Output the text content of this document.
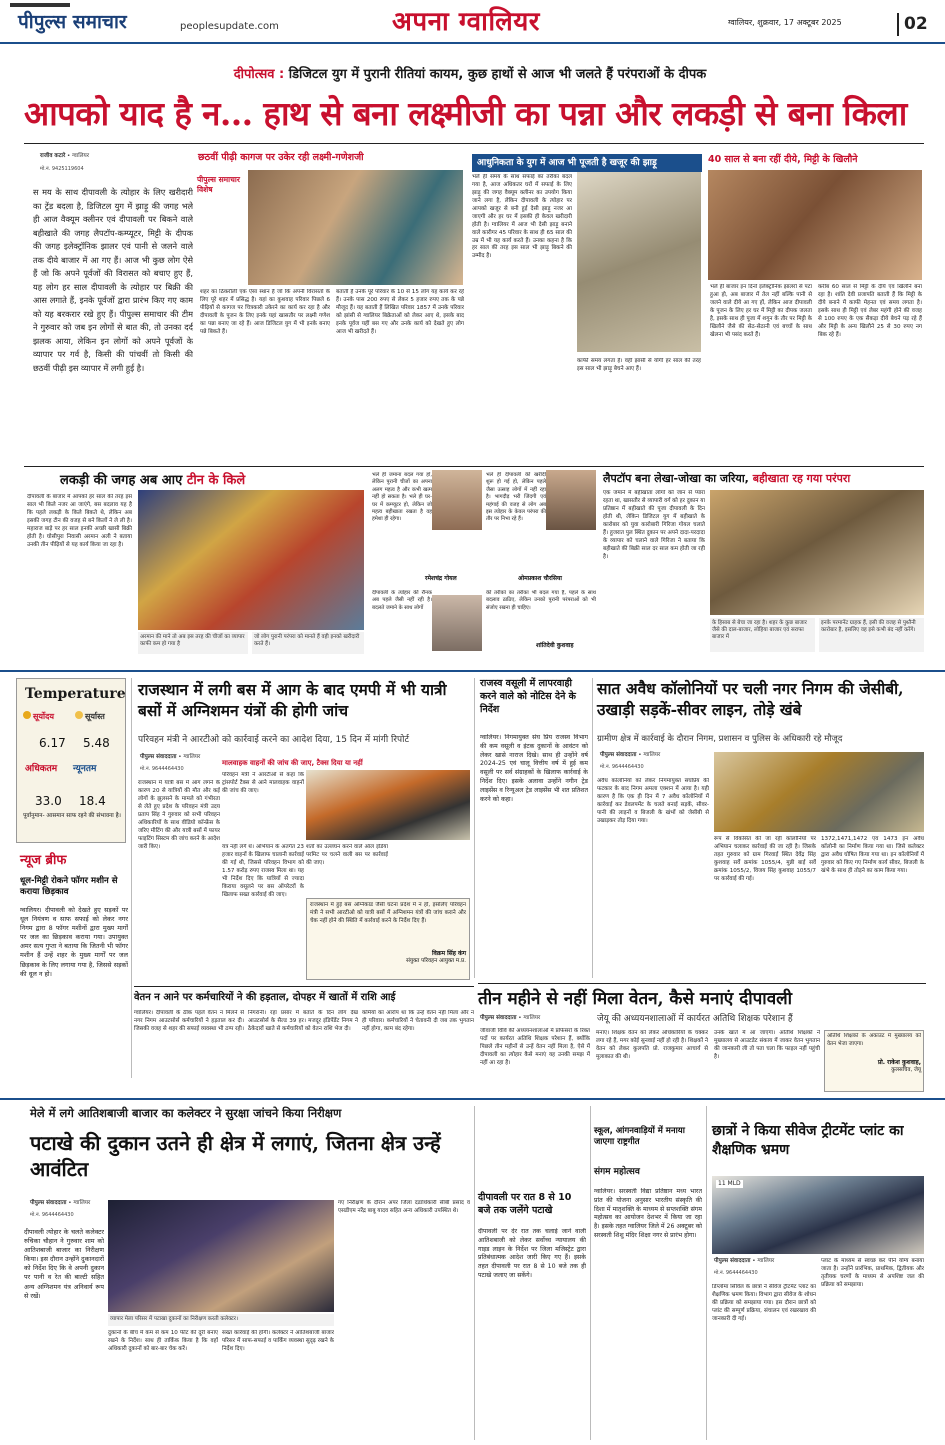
पीपुल्स समाचार	peoplesupdate.com	अपना ग्वालियर	ग्वालियर, शुक्रवार, 17 अक्टूबर 2025	02
दीपोत्सव : डिजिटल युग में पुरानी रीतियां कायम, कुछ हाथों से आज भी जलते हैं परंपराओं के दीपक
आपको याद है न... हाथ से बना लक्ष्मीजी का पन्ना और लकड़ी से बना किला
राजीव कटारे • ग्वालियर
मो.नं. 9425119604
स मय के साथ दीपावली के त्योहार के लिए खरीदारी का ट्रेंड बदला है, डिजिटल युग में झाड़ू की जगह भले ही आज वैक्यूम क्लीनर एवं दीपावली पर बिकने वाले बहीखाते की जगह लैपटॉप-कम्प्यूटर, मिट्टी के दीपक की जगह इलेक्ट्रॉनिक झालर एवं पानी से जलने वाले तक दीये बाजार में आ गए हैं। आज भी कुछ लोग ऐसे हैं जो कि अपने पूर्वजों की विरासत को बचाए हुए हैं, यह लोग हर साल दीपावली के त्योहार पर बिक्री की आस लगाते हैं, इनके पूर्वजों द्वारा प्रारंभ किए गए काम को यह बरकरार रखे हुए हैं। पीपुल्स समाचार की टीम ने गुरुवार को जब इन लोगों से बात की, तो उनका दर्द झलक आया, लेकिन इन लोगों को अपने पूर्वजों के व्यापार पर गर्व है, किसी की पांचवीं तो किसी की छठवीं पीढ़ी इस व्यापार में लगी हुई है।
छठवीं पीढ़ी कागज पर उकेर रही लक्ष्मी-गणेशजी
पीपुल्स समाचार विशेष
शहर का ठिकरौली एक ऐसा स्थान है जो कि अपनी विरासतों के लिए पूरे शहर में प्रसिद्ध है। यहां का कुशवाह परिवार पिछले 6 पीढ़ियों से कागज पर चित्रकारी उकेरने का कार्य कर रहा है और दीपावली के पूजन के लिए इनके यहां खासतौर पर लक्ष्मी गणेश का पन्ना बनाए जा रहे हैं। आज डिजिटल युग में भी इनके बनाए पन्ने बिकते हैं।
बताती हैं उनके पूरे परिवार के 10 से 15 लोग यह कार्य कर रहे हैं। उनके पास 200 रुपए से लेकर 5 हजार रुपए तक के पन्ने मौजूद हैं। यह बताती हैं लिखित परिवार 1857 में उनके परिवार को झांसी से ग्वालियर बिक्रेताओं को लेकर आए थे, इसके बाद इनके पूर्वज यहीं बस गए और उनके कार्य को देखते हुए लोग आज भी खरीदते हैं।
आधुनिकता के युग में आज भी पूजती है खजूर की झाड़ू
भले ही समय के साथ सफाई का तरीका बदल गया है, आज अधिकतर घरों में सफाई के लिए झाड़ू की जगह वैक्यूम क्लीनर का उपयोग किया जाने लगा है, लेकिन दीपावली के त्योहार पर आपको खजूर से बनी हुई देसी झाड़ू नजर आ जाएगी और हर घर में इसकी ही केवल खरीदारी होती है। ग्वालियर में आज भी देसी झाड़ू बनाने वाले कारीगर 45 परिवार के साथ ही 65 साल की उम्र में भी यह कार्य करते हैं। उनका कहना है कि हर साल की तरह इस साल भी झाड़ू बिकने की उम्मीद है।
काफी समय लगता है। वहीं झांसी से योगी हर साल की तरह इस साल भी झाड़ू बेचने आए हैं।
40 साल से बना रहीं दीये, मिट्टी के खिलौने
भले ही बाजार इन दिनों इलेक्ट्रॉनिक झालरों से पटा हुआ हो, अब बाजार में तेल नहीं बल्कि पानी से जलने वाले दीये आ गए हों, लेकिन आज दीपावली के पूजन के लिए हर घर में मिट्टी का दीपक जलता है, इसके साथ ही पूजा में शगुन के तौर पर मिट्टी के खिलौने जैसे की सेठ-सेठानी एवं बच्चों के साथ खेलना भी पसंद करते हैं।
करीब 60 साल से मिट्टी के दीये एवं खिलौने बना रहा है। शांति देवी प्रजापति बताती हैं कि मिट्टी के दीये बनाने में काफी मेहनत एवं समय लगता है। इसके साथ ही मिट्टी एवं लेबर महंगी होने की वजह से 100 रुपए के एक सैकड़ा दीये बेचने पड़ रहे हैं और मिट्टी के अन्य खिलौने 25 से 30 रुपए नग बिक रहे हैं।
लकड़ी की जगह अब आए टीन के किले
दीपावली के बाजार में आपको हर साल की तरह इस साल भी किले नजर आ जाएंगे, बस बदलाव यह है कि पहले लकड़ी के किले बिकते थे, लेकिन अब इसकी जगह टीन की वजह से बने किलों ने ले ली है। महाराज बाड़े पर हर साल इनकी अच्छी खासी बिक्री होती है। घोसीपुरा निवासी अरमान अली ने बताया उनकी तीन पीढ़ियों से यह कार्य किया जा रहा है।
अरमान की माने तो अब इस तरह की चीजों का व्यापार काफी कम हो गया है
जो लोग पुरानी परंपरा को मानते हैं वही इनको खरीदारी करते हैं।
भले ही जमाना बदल गया हो, लेकिन पुरानी चीजों का अपना अलग महत्व है और कभी खत्म नहीं हो सकता है। भले ही घर-घर में कम्प्यूटर हो, लेकिन जो महत्व बहीखाता रखता है वह हमेशा ही रहेगा।
रमेशचंद्र गोयल
दीपावली के त्योहार की रौनक अब पहले जैसी नहीं रही है। बदलते जमाने के साथ लोगों
भले ही दीपावली की खरीदी शुरू हो गई हो, लेकिन पहले जैसा उत्साह लोगों में नहीं रहा है। भागदौड़ भरी जिंदगी एवं महंगाई की वजह से लोग अब इस त्योहार के केवल परंपरा की तौर पर निभा रहे हैं।
ओमप्रकाश चौरसिया
की तरीकों का तरीका भी बदल गया है, पहले के साथ बदलाव ठाठिए, लेकिन उनको पुरानी परंपराओं को भी संजोए रखना ही चाहिए।
शांतिदेवी कुशवाह
लैपटॉप बना लेखा-जोखा का जरिया, बहीखाता रह गया परंपरा
एक जमाने में बहीखाता लोगों को जान से प्यारा रहता था, खासतौर से व्यापारी वर्ग को हर दुकान या प्रतिष्ठान में बहीखाते की पूजा दीपावली के दिन होती थी, लेकिन डिजिटल युग में बहीखाते के कारोबार को युवा कारोबारी गिरिजा गोयल चलाते हैं। हुजरात पुल स्थित दुकान पर अपने दादा-परदादा के व्यापार को चलाने वाले गिरिजा ने बताया कि बहीखाते की बिक्री साल दर साल कम होती जा रही है।
के हिसाब से बेचा जा रहा है। शहर के कुछ बाजार जैसे की दाल-बाजार, लोहिया बाजार एवं सराफा बाजार में
इनके परमानेंट ग्राहक हैं, इसी की वजह से पुश्तैनी कारोबार है, इसलिए वह इसे कभी बंद नहीं करेंगे।
Temperature
सूर्योदय	सूर्यास्त
6.17 5.48
अधिकतम न्यूनतम
33.0 18.4
पूर्वानुमान- आसमान साफ रहने की संभावना है।
न्यूज ब्रीफ
धूल-मिट्टी रोकने फॉगर मशीन से कराया छिड़काव
ग्वालियर। दीपावली को देखते हुए सड़कों पर धूल नियंत्रण व साफ सफाई को लेकर नगर निगम द्वारा 8 फॉगर मशीनों द्वारा मुख्य मार्गों पर जल का छिड़काव कराया गया। उपायुक्त अमर सत्य गुप्ता ने बताया कि जितनी भी फॉगर मशीन हैं उन्हें शहर के मुख्य मार्गों पर जल छिड़काव के लिए लगाया गया है, जिससे सड़कों की धूल न हो।
राजस्थान में लगी बस में आग के बाद एमपी में भी यात्री बसों में अग्निशमन यंत्रों की होगी जांच
परिवहन मंत्री ने आरटीओ को कार्रवाई करने का आदेश दिया, 15 दिन में मांगी रिपोर्ट
पीपुल्स संवाददाता • ग्वालियर
मो.नं. 9644464430
मालवाहक वाहनों की जांच की जाए, टैक्स दिया या नहीं
राजस्थान में यात्री बस में आग लगने के कारण 20 से यात्रियों की मौत और कई लोगों के झुलसने के मामले को गंभीरता से लेते हुए प्रदेश के परिवहन मंत्री उदय प्रताप सिंह ने गुरुवार को सभी परिवहन अधिकारियों के साथ वीडियो कॉन्फ्रेंस के जरिए मीटिंग की और यात्री बसों में फायर फाइटिंग सिस्टम की जांच करने के आदेश जारी किए।
परिवहन मंत्री ने आरटीओ से कहा कि ट्रांसपोर्ट टैक्स से आने मालवाहक वाहनों की जांच की जाए।
यंत्र नहीं लगे थे। अभियान के अंतर्गत 23 हजार वाहनों के खिलाफ चालानी कार्रवाई की गई थी, जिससे परिवहन विभाग को 1.57 करोड़ रुपए राजस्व मिला था। यह भी निर्देश दिए कि यात्रियों से ज्यादा किराया वसूलने पर बस ऑपरेटरों के खिलाफ सख्त कार्रवाई की जाए।
शर्तों का उल्लंघन करने वाले ऑल इंडिया परमिट पर चलने वाली बस पर कार्रवाई की जाए।
राजस्थान में हुई बस अग्निकांड जैसी घटना प्रदेश में न हो, इसलिए परिवहन मंत्री ने सभी आरटीओ को यात्री बसों में अग्निशमन यंत्रों की जांच कराने और चेक नहीं होने की स्थिति में कार्रवाई करने के निर्देश दिए हैं।
विक्रम सिंह कंग
संयुक्त परिवहन आयुक्त म.प्र.
राजस्व वसूली में लापरवाही करने वाले को नोटिस देने के निर्देश
ग्वालियर। निगमायुक्त संघ प्रिय राजस्व विभाग की कम वसूली व इंटक दुकानों के आवंटन को लेकर खासे नाराज दिखे। साथ ही उन्होंने वर्ष 2024-25 एवं चालू वित्तीय वर्ष में हुई कम वसूली पर सर्व संग्राहकों के खिलाफ कार्रवाई के निर्देश दिए। इसके अलावा उन्होंने नगीन ट्रेड लाइसेंस व रिन्यूअल ट्रेड लाइसेंस भी शत प्रतिशत करने को कहा।
सात अवैध कॉलोनियों पर चली नगर निगम की जेसीबी, उखाड़ी सड़कें-सीवर लाइन, तोड़े खंबे
ग्रामीण क्षेत्र में कार्रवाई के दौरान निगम, प्रशासन व पुलिस के अधिकारी रहे मौजूद
पीपुल्स संवाददाता • ग्वालियर
मो.नं. 9644464430
अवैध कॉलोनियों को लेकर निगमायुक्त संघप्रिय की फटकार के बाद निगम अमला एक्शन में आया है। यही कारण है कि एक ही दिन में 7 अवैध कॉलोनियों में कार्रवाई कर डेवलपमेंट के चलते बनाई सड़कें, सीवर-पानी की लाइनों व बिजली के खंभों को जेसीबी से उखाड़कर तोड़ दिया गया।
रूप से विकसित की जा रही कॉलोनियों पर अभियान चलाकर कार्रवाई की जा रही है। जिसके तहत गुरुवार को ग्राम गिरवाई स्थित देवेंद्र सिंह कुशवाह सर्वे क्रमांक 1055/4, मुन्नी बाई सर्वे क्रमांक 1055/2, विजय सिंह कुशवाह 1055/7 पर कार्रवाई की गई।
1372,1471,1472 एवं 1473 इन अवैध कॉलोनी का निर्माण किया गया था। जिसे कलेक्टर द्वारा अवैध घोषित किया गया था। इन कॉलोनियों में गुरुवार को किए गए निर्माण कार्य सीवर, बिजली के खंभे के साथ ही तोड़ने का काम किया गया।
वेतन न आने पर कर्मचारियों ने की हड़ताल, दोपहर में खातों में राशि आई
ग्वालियर। दीपावली के ठीक पहले वेतन न मिलने से नगर निगम आउटसोर्स कर्मचारियों ने हड़ताल कर दी। जिसकी वजह से शहर की सफाई व्यवस्था भी ठप्प रही।
निगरानी। रहा प्रसार में बताते के दिन लोग देख आउटसोर्स के सैल्ड 39 हर। मजदूर इंडिपेंडेंट निगम ने ठेकेदारों खाते से कर्मचारियों को वेतन राशि भेज दी।
कर्मियों का आरोप था कि उन्हें वेतन नहीं मिला और न ही परिवार। कर्मचारियों ने चेतावनी दी जब तक भुगतान नहीं होगा, काम बंद रहेगा।
तीन महीने से नहीं मिला वेतन, कैसे मनाएं दीपावली
जेयू की अध्ययनशालाओं में कार्यरत अतिथि शिक्षक परेशान हैं
पीपुल्स संवाददाता • ग्वालियर
जीवाजी विवि की अध्ययनशालाओं में प्रोफेसरों के रिक्त पदों पर कार्यरत अतिथि शिक्षक परेशान हैं, क्योंकि पिछले तीन महीनों से उन्हें वेतन नहीं मिला है, ऐसे में दीपावली का त्योहार कैसे मनाएं यह उनकी समझ में नहीं आ रहा है।
मनाएं। शिक्षक वेतन को लेकर अधिकारियों के चक्कर लगा रहे हैं, मगर कोई सुनवाई नहीं हो रही है। शिक्षकों ने वेतन को लेकर कुलपति प्रो. राजकुमार आचार्य से मुलाकात की थी।
उनके खाते में आ जाएगा। अतिथि शिक्षकों ने मुख्यालय से आउटडेट संकाय में जाकर वेतन भुगतान की जानकारी ली तो पता चला कि फाइल नहीं पहुंची है।
अतिथि शिक्षकों के अकाउंट में मुख्यालय को वेतन भेजा जाएगा।
प्रो. राकेश कुशवाह,
कुलसचिव, जेयू
मेले में लगे आतिशबाजी बाजार का कलेक्टर ने सुरक्षा जांचने किया निरीक्षण
पटाखे की दुकान उतने ही क्षेत्र में लगाएं, जितना क्षेत्र उन्हें आवंटित
पीपुल्स संवाददाता • ग्वालियर
मो.नं. 9644464430
दीपावली त्योहार के चलते कलेक्टर रुचिका चौहान ने गुरुवार शाम को आतिशबाजी बाजार का निरीक्षण किया। इस दौरान उन्होंने दुकानदारों को निर्देश दिए कि वे अपनी दुकान पर पानी व रेत की बाल्टी सहित अन्य अग्निशमन यंत्र अनिवार्य रूप से रखें।
व्यापार मेला परिसर में पटाखा दुकानों का निरीक्षण करती कलेक्टर।
दुकानों के बीच में कम से कम 10 फीट की दूरी बनाए रखने के निर्देश। साथ ही तार्किक किया है कि वहाँ अधिकारी दुकानों को बार-बार चेक करें।
सख्त कार्रवाई की होगी। कलेक्टर ने आतिशबाजी बाजार परिसर में साफ-सफाई व पार्किंग व्यवस्था सुदृढ़ रखने के निर्देश दिए।
गए निरीक्षण के दौरान अपर जिला दंडाधिकारी सीबी प्रसाद व एसडीएम नरेंद्र बाबू यादव सहित अन्य अधिकारी उपस्थित थे।
दीपावली पर रात 8 से 10 बजे तक जलेंगे पटाखे
दीपावली पर देर रात तक चलाई जाने वाली आतिशबाजी को लेकर सर्वोच्च न्यायालय की गाइड लाइन के निर्देश पर जिला मजिस्ट्रेट द्वारा प्रतिबंधात्मक आदेश जारी किए गए हैं। इसके तहत दीपावली पर रात 8 से 10 बजे तक ही पटाखे जलाए जा सकेंगे।
स्कूल, आंगनवाड़ियों में मनाया जाएगा राष्ट्रगीत
संगम महोत्सव
ग्वालियर। सरस्वती विद्या प्रतिष्ठान मध्य भारत प्रांत की योजना अनुसार भारतीय संस्कृति की दिशा में मातृशक्ति के माध्यम से सप्तशक्ति संगम महोत्सव का आयोजन देशभर में किया जा रहा है। इसके तहत ग्वालियर जिले में 26 अक्टूबर को सरस्वती शिशु मंदिर शिक्षा नगर से प्रारंभ होगा।
छात्रों ने किया सीवेज ट्रीटमेंट प्लांट का शैक्षणिक भ्रमण
11 MLD
पीपुल्स संवाददाता • ग्वालियर
मो.नं. 9644464430
डिप्लोमा सिविल के छात्रों ने सीवेज ट्रीटमेंट प्लांट का शैक्षणिक भ्रमण किया। विभाग द्वारा सीवेज के शोधन की प्रक्रिया को समझाया गया। इस दौरान छात्रों को प्लांट की सम्पूर्ण प्रक्रिया, संचालन एवं रखरखाव की जानकारी दी गई।
प्लांट के माध्यम से स्वच्छ कर पीने योग्य बनाया जाता है। उन्होंने प्रारंभिक, प्राथमिक, द्वितीयक और तृतीयक चरणों के माध्यम से अपशिष्ट जल की प्रक्रिया को समझाया।
